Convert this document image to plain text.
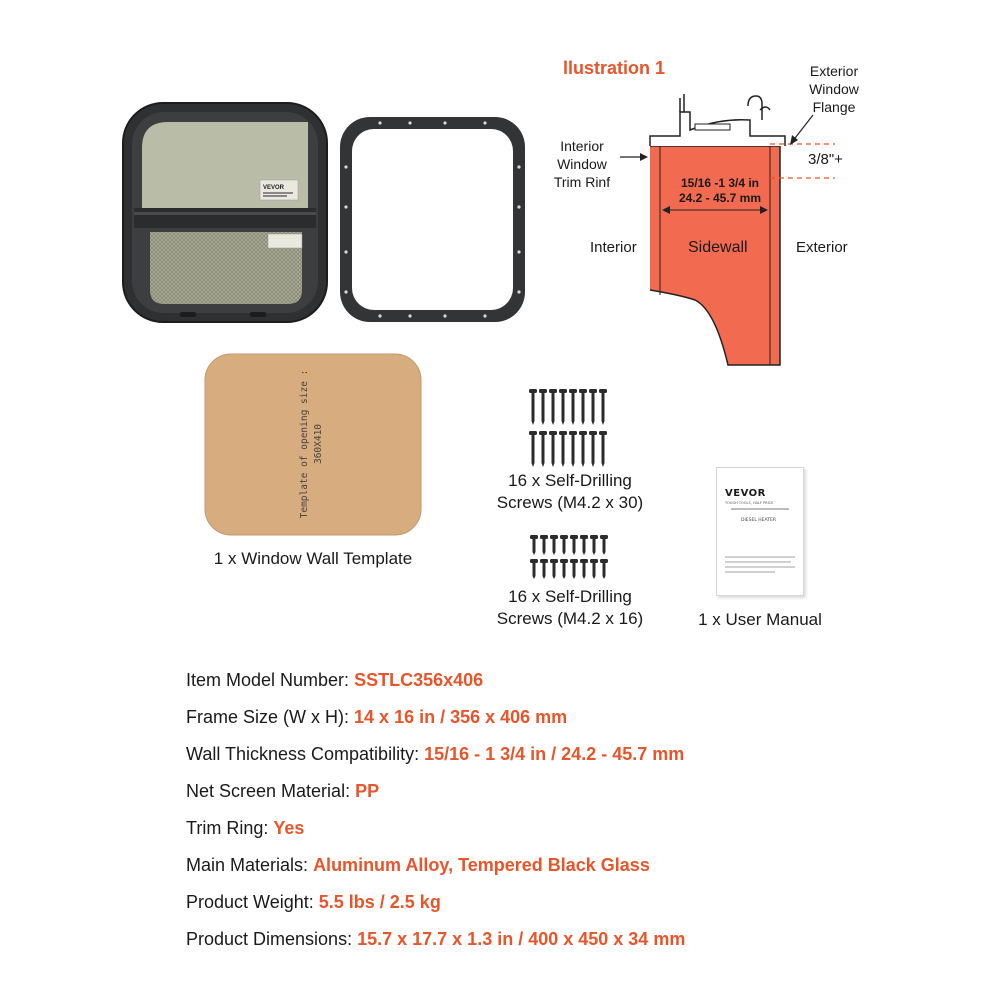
VEVOR
llustration 1	Exterior
Window
Flange
Interior
Window
Trim Rinf
3/8"+
15/16 -1 3/4 in
24.2 - 45.7 mm
Interior	Sidewall	Exterior
Template of opening size : 360X410
1 x Window Wall Template
16 x Self-Drilling
Screws (M4.2 x 30)
16 x Self-Drilling
Screws (M4.2 x 16)
VEVOR
TOUGH TOOLS, HALF PRICE
DIESEL HEATER
1 x User Manual
Item Model Number: SSTLC356x406
Frame Size (W x H): 14 x 16 in / 356 x 406 mm
Wall Thickness Compatibility: 15/16 - 1 3/4 in / 24.2 - 45.7 mm
Net Screen Material: PP
Trim Ring: Yes
Main Materials: Aluminum Alloy, Tempered Black Glass
Product Weight: 5.5 lbs / 2.5 kg
Product Dimensions: 15.7 x 17.7 x 1.3 in / 400 x 450 x 34 mm
